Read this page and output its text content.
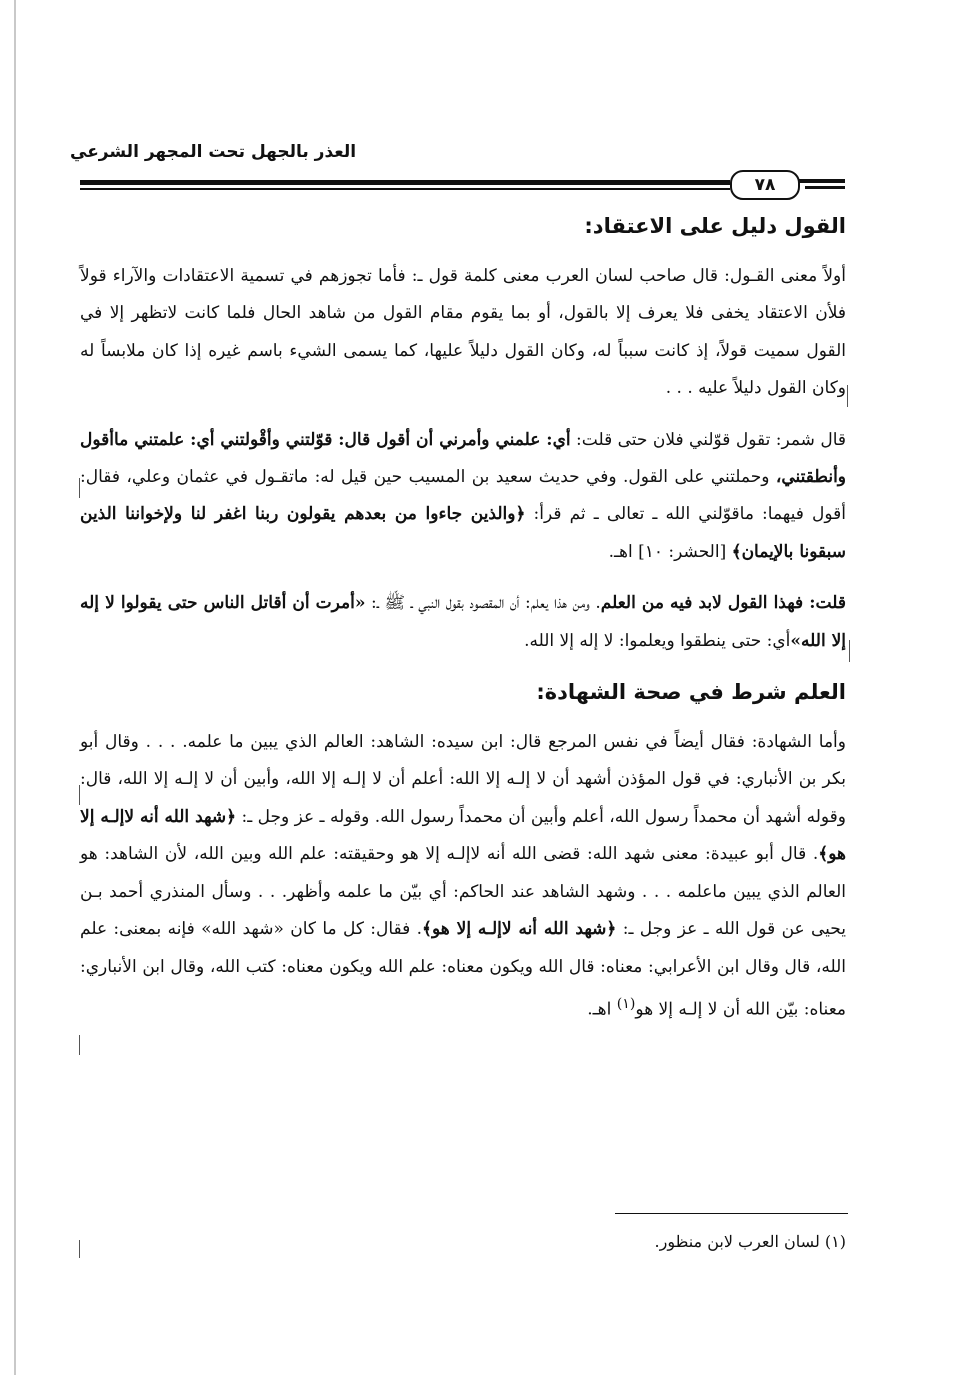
العذر بالجهل تحت المجهر الشرعي
٧٨
القول دليل على الاعتقاد:

أولاً معنى القـول: قال صاحب لسان العرب معنى كلمة قول ـ: فأما تجوزهم في تسمية الاعتقادات والآراء قولاً فلأن الاعتقاد يخفى فلا يعرف إلا بالقول، أو بما يقوم مقام القول من شاهد الحال فلما كانت لاتظهر إلا في القول سميت قولاً، إذ كانت سبباً له، وكان القول دليلاً عليها، كما يسمى الشيء باسم غيره إذا كان ملابساً له وكان القول دليلاً عليه . . .

قال شمر: تقول قوّلني فلان حتى قلت: أي: علمني وأمرني أن أقول قال: قوّلتني وأقْولتني أي: علمتني ماأقول وأنطقتني، وحملتني على القول. وفي حديث سعيد بن المسيب حين قيل له: ماتقـول في عثمان وعلي، فقال: أقول فيهما: ماقوّلني الله ـ تعالى ـ ثم قرأ: ﴿والذين جاءوا من بعدهم يقولون ربنا اغفر لنا ولإخواننا الذين سبقونا بالإيمان﴾ [الحشر: ١٠] اهـ.

قلت: فهذا القول لابد فيه من العلم. ومن هذا يعلم: أن المقصود بقول النبي ـ ﷺ ـ: «أمرت أن أقاتل الناس حتى يقولوا لا إله إلا الله»أي: حتى ينطقوا ويعلموا: لا إله إلا الله.

العلم شرط في صحة الشهادة:

وأما الشهادة: فقال أيضاً في نفس المرجع قال: ابن سيده: الشاهد: العالم الذي يبين ما علمه. . . . وقال أبو بكر بن الأنباري: في قول المؤذن أشهد أن لا إلـه إلا الله: أعلم أن لا إلـه إلا الله، وأبين أن لا إلـه إلا الله، قال: وقوله أشهد أن محمداً رسول الله، أعلم وأبين أن محمداً رسول الله. وقوله ـ عز وجل ـ: ﴿شهد الله أنه لاإلـه إلا هو﴾. قال أبو عبيدة: معنى شهد الله: قضى الله أنه لاإلـه إلا هو وحقيقته: علم الله وبين الله، لأن الشاهد: هو العالم الذي يبين ماعلمه . . . وشهد الشاهد عند الحاكم: أي بيّن ما علمه وأظهر. . . وسأل المنذري أحمد بـن يحيى عن قول الله ـ عز وجل ـ: ﴿شهد الله أنه لاإلـه إلا هو﴾. فقال: كل ما كان «شهد الله» فإنه بمعنى: علم الله، قال وقال ابن الأعرابي: معناه: قال الله ويكون معناه: علم الله ويكون معناه: كتب الله، وقال ابن الأنباري: معناه: بيّن الله أن لا إلـه إلا هو$^{(١)}$ اهـ.

(١) لسان العرب لابن منظور.
